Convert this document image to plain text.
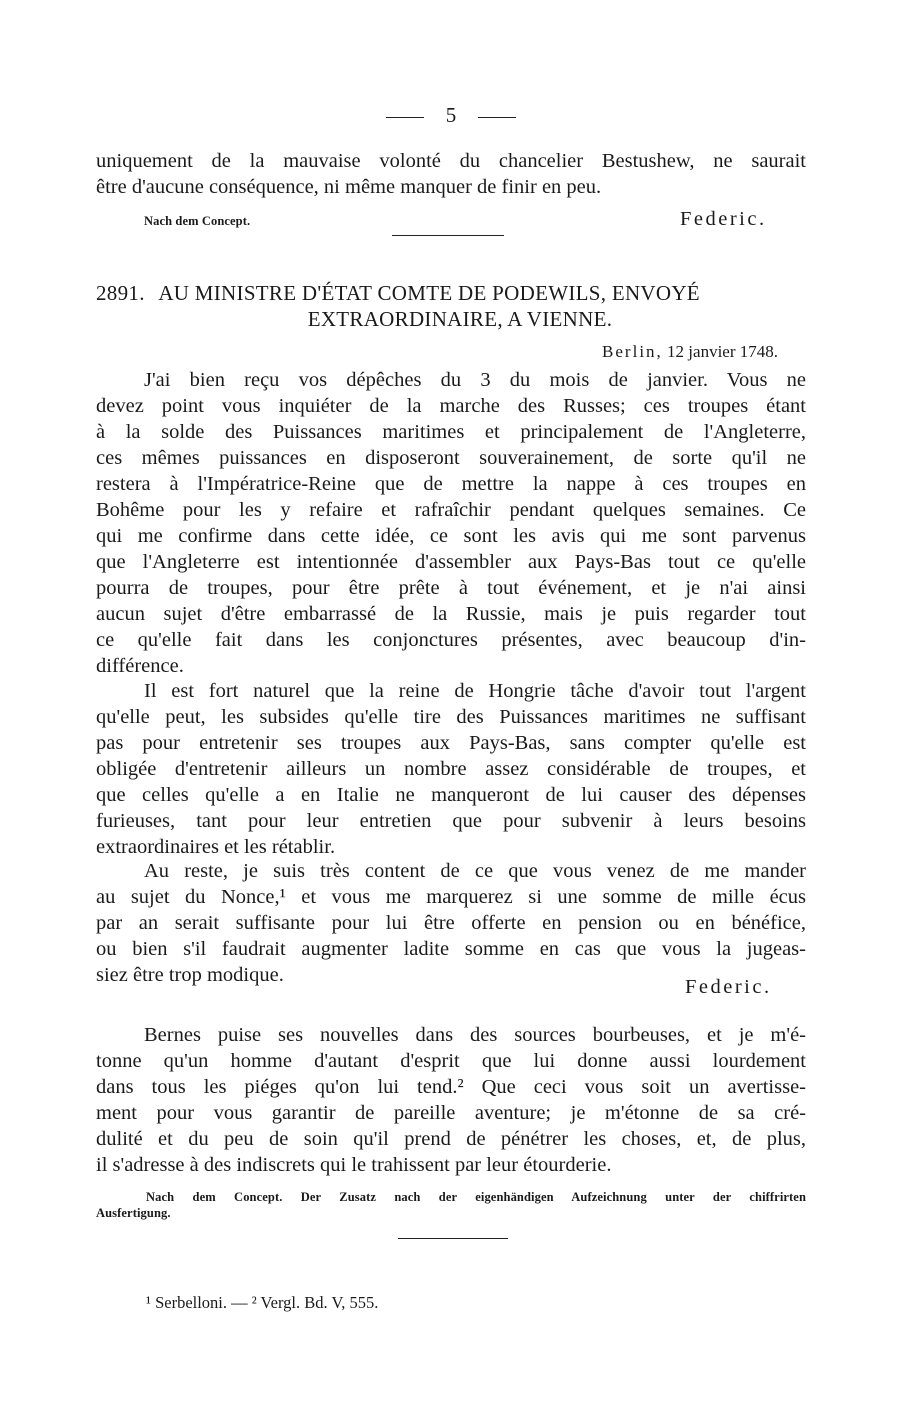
5
uniquement de la mauvaise volonté du chancelier Bestushew, ne saurait
être d'aucune conséquence, ni même manquer de finir en peu.
Nach dem Concept.	Federic.
2891. AU MINISTRE D'ÉTAT COMTE DE PODEWILS, ENVOYÉ
EXTRAORDINAIRE, A VIENNE.
Berlin, 12 janvier 1748.
J'ai bien reçu vos dépêches du 3 du mois de janvier. Vous ne
devez point vous inquiéter de la marche des Russes; ces troupes étant
à la solde des Puissances maritimes et principalement de l'Angleterre,
ces mêmes puissances en disposeront souverainement, de sorte qu'il ne
restera à l'Impératrice-Reine que de mettre la nappe à ces troupes en
Bohême pour les y refaire et rafraîchir pendant quelques semaines. Ce
qui me confirme dans cette idée, ce sont les avis qui me sont parvenus
que l'Angleterre est intentionnée d'assembler aux Pays-Bas tout ce qu'elle
pourra de troupes, pour être prête à tout événement, et je n'ai ainsi
aucun sujet d'être embarrassé de la Russie, mais je puis regarder tout
ce qu'elle fait dans les conjonctures présentes, avec beaucoup d'in-
différence.
Il est fort naturel que la reine de Hongrie tâche d'avoir tout l'argent
qu'elle peut, les subsides qu'elle tire des Puissances maritimes ne suffisant
pas pour entretenir ses troupes aux Pays-Bas, sans compter qu'elle est
obligée d'entretenir ailleurs un nombre assez considérable de troupes, et
que celles qu'elle a en Italie ne manqueront de lui causer des dépenses
furieuses, tant pour leur entretien que pour subvenir à leurs besoins
extraordinaires et les rétablir.
Au reste, je suis très content de ce que vous venez de me mander
au sujet du Nonce,¹ et vous me marquerez si une somme de mille écus
par an serait suffisante pour lui être offerte en pension ou en bénéfice,
ou bien s'il faudrait augmenter ladite somme en cas que vous la jugeas-
siez être trop modique.
Federic.
Bernes puise ses nouvelles dans des sources bourbeuses, et je m'é-
tonne qu'un homme d'autant d'esprit que lui donne aussi lourdement
dans tous les piéges qu'on lui tend.² Que ceci vous soit un avertisse-
ment pour vous garantir de pareille aventure; je m'étonne de sa cré-
dulité et du peu de soin qu'il prend de pénétrer les choses, et, de plus,
il s'adresse à des indiscrets qui le trahissent par leur étourderie.
Nach dem Concept. Der Zusatz nach der eigenhändigen Aufzeichnung unter der chiffrirten
Ausfertigung.
¹ Serbelloni. — ² Vergl. Bd. V, 555.
